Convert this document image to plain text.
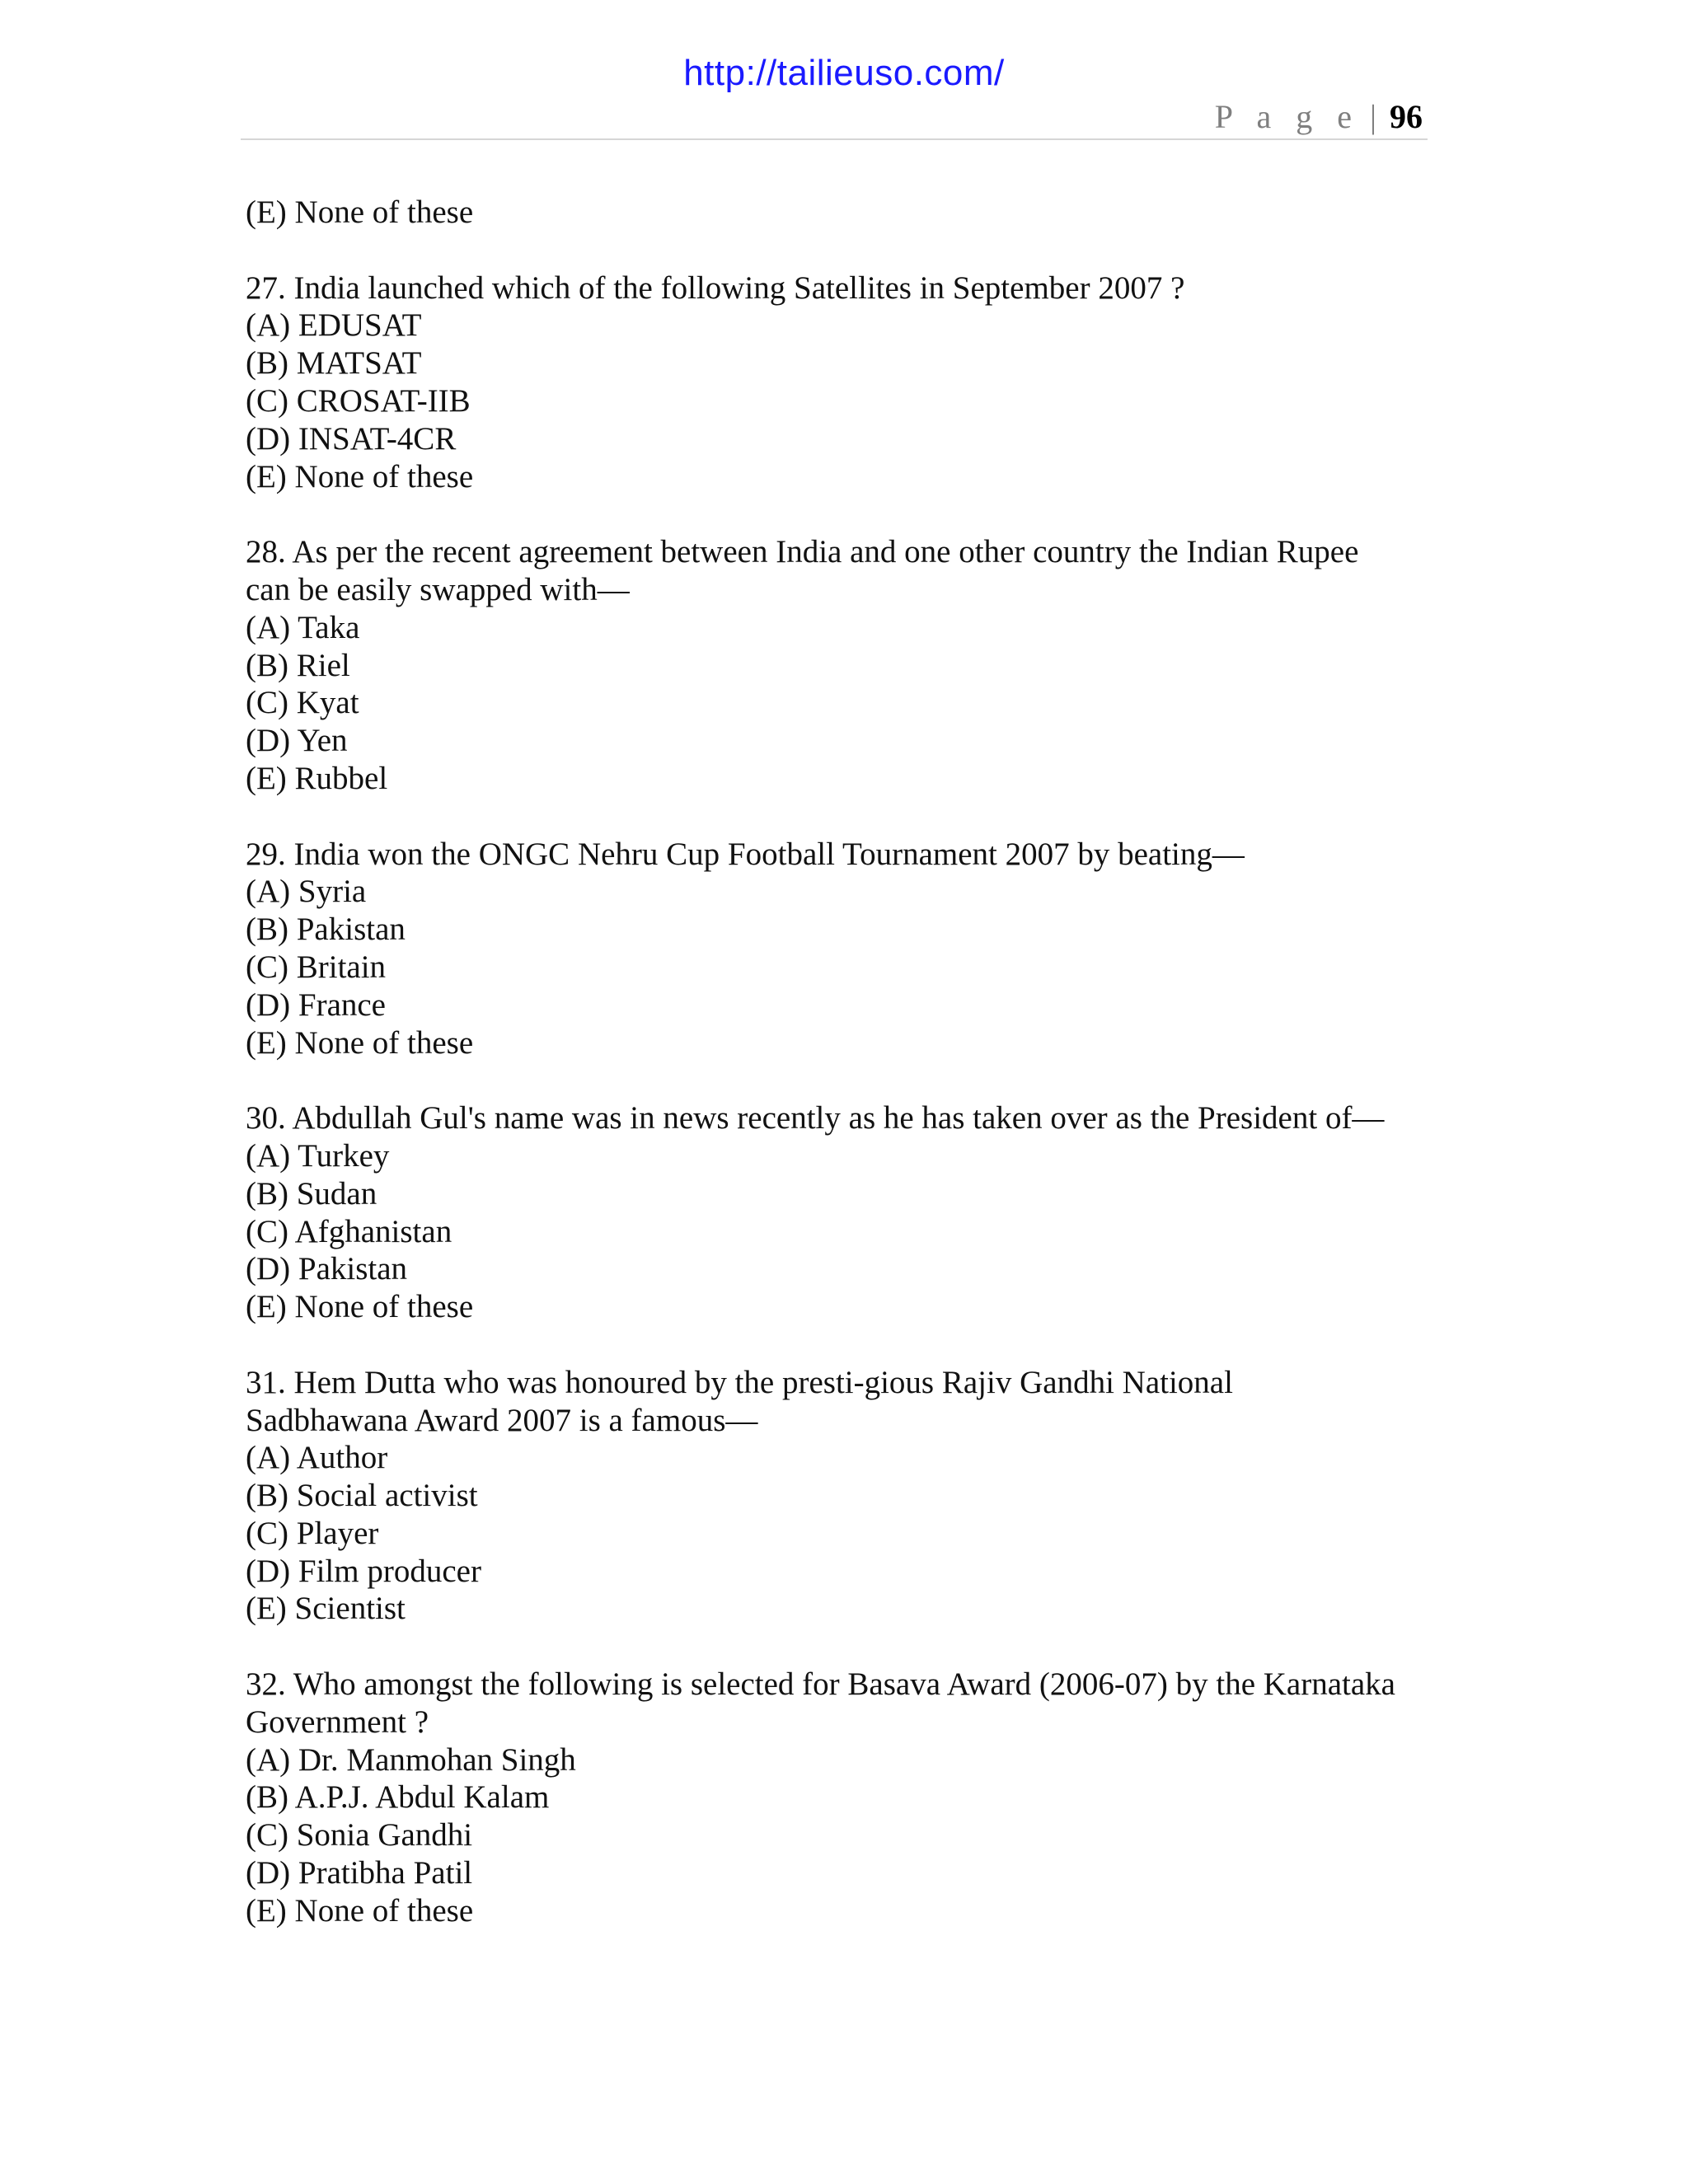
http://tailieuso.com/
P a g e | 96

(E) None of these

27. India launched which of the following Satellites in September 2007 ?

(A) EDUSAT

(B) MATSAT

(C) CROSAT-IIB

(D) INSAT-4CR

(E) None of these

28. As per the recent agreement between India and one other country the Indian Rupee

can be easily swapped with—

(A) Taka

(B) Riel

(C) Kyat

(D) Yen

(E) Rubbel

29. India won the ONGC Nehru Cup Football Tournament 2007 by beating—

(A) Syria

(B) Pakistan

(C) Britain

(D) France

(E) None of these

30. Abdullah Gul's name was in news recently as he has taken over as the President of—

(A) Turkey

(B) Sudan

(C) Afghanistan

(D) Pakistan

(E) None of these

31. Hem Dutta who was honoured by the presti-gious Rajiv Gandhi National

Sadbhawana Award 2007 is a famous—

(A) Author

(B) Social activist

(C) Player

(D) Film producer

(E) Scientist

32. Who amongst the following is selected for Basava Award (2006-07) by the Karnataka

Government ?

(A) Dr. Manmohan Singh

(B) A.P.J. Abdul Kalam

(C) Sonia Gandhi

(D) Pratibha Patil

(E) None of these
